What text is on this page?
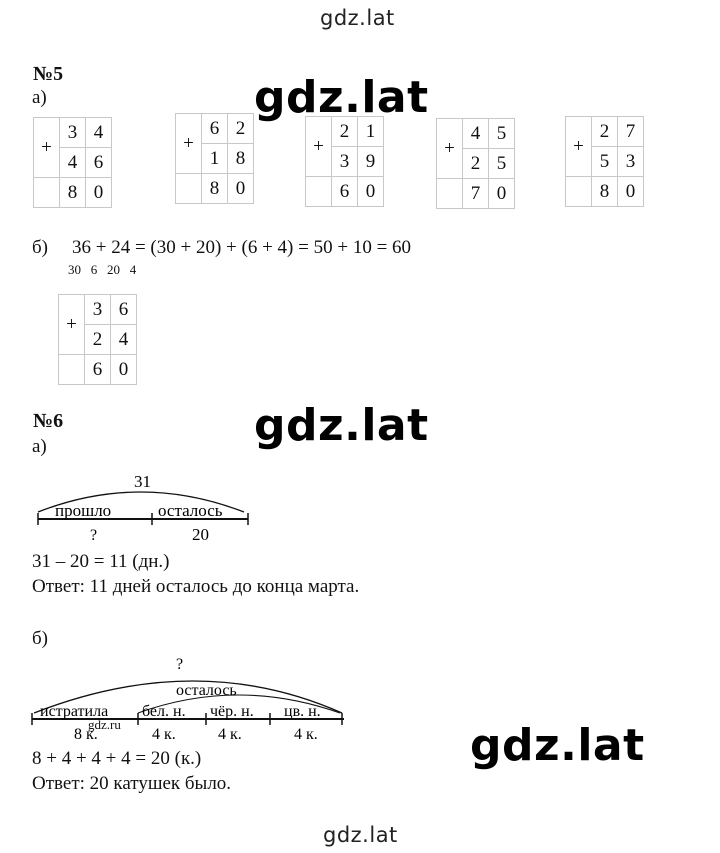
gdz.lat
gdz.lat
gdz.lat
gdz.lat
gdz.lat
№5
а)
+	3	4
	4	6
	8	0
+	6	2
	1	8
	8	0
+	2	1
	3	9
	6	0
+	4	5
	2	5
	7	0
+	2	7
	5	3
	8	0
б) 36 + 24 = (30 + 20) + (6 + 4) = 50 + 10 = 60
30   6   20   4
+	3	6
	2	4
	6	0
№6
а)
31
прошло	осталось
?	20
31 – 20 = 11 (дн.)
Ответ: 11 дней осталось до конца марта.
б)
?
осталось
истратила бел. н. чёр. н. цв. н.
8 к.	4 к.	4 к.	4 к.
gdz.ru
8 + 4 + 4 + 4 = 20 (к.)
Ответ: 20 катушек было.
